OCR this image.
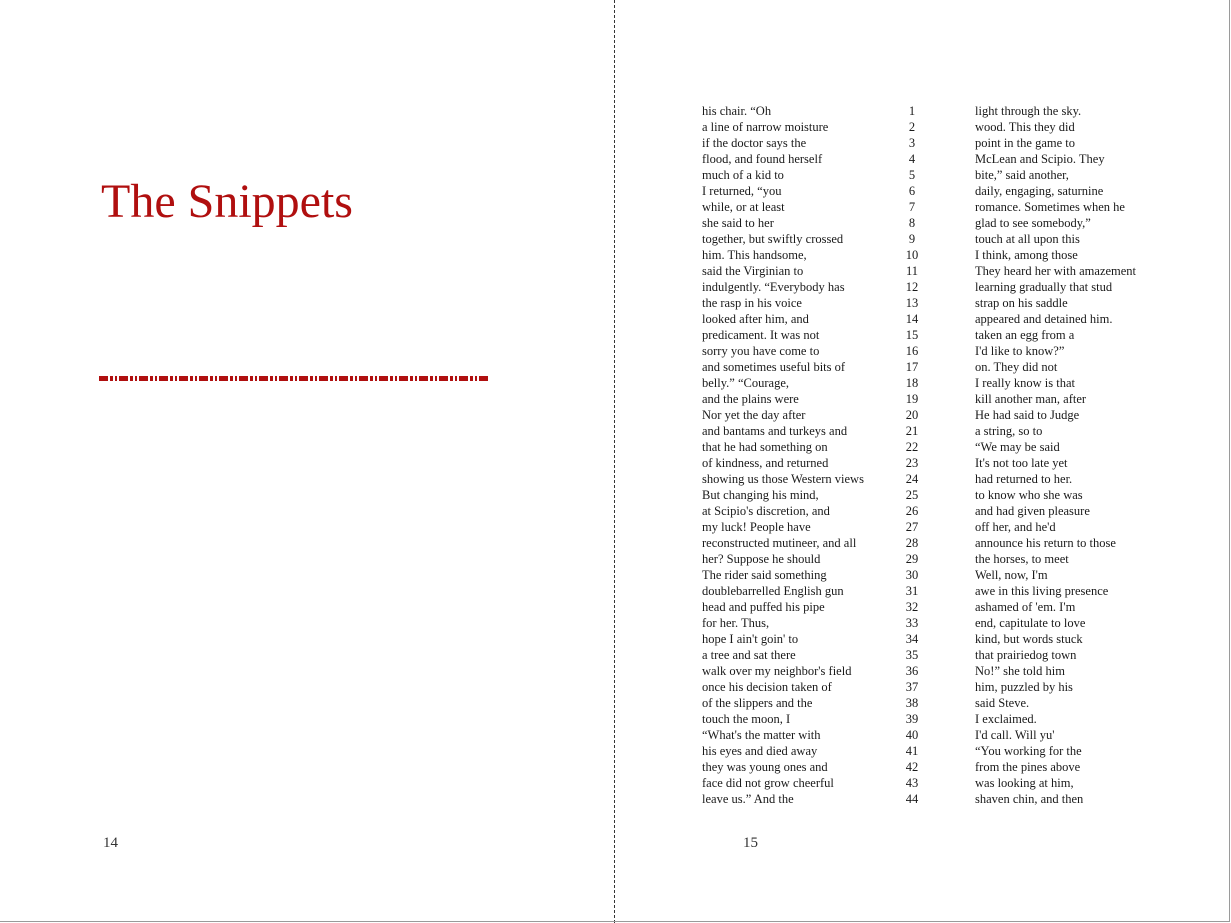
The Snippets
14
his chair. “Oh	1	light through the sky.
a line of narrow moisture	2	wood. This they did
if the doctor says the	3	point in the game to
flood, and found herself	4	McLean and Scipio. They
much of a kid to	5	bite,” said another,
I returned, “you	6	daily, engaging, saturnine
while, or at least	7	romance. Sometimes when he
she said to her	8	glad to see somebody,”
together, but swiftly crossed	9	touch at all upon this
him. This handsome,	10	I think, among those
said the Virginian to	11	They heard her with amazement
indulgently. “Everybody has	12	learning gradually that stud
the rasp in his voice	13	strap on his saddle
looked after him, and	14	appeared and detained him.
predicament. It was not	15	taken an egg from a
sorry you have come to	16	I'd like to know?”
and sometimes useful bits of	17	on. They did not
belly.” “Courage,	18	I really know is that
and the plains were	19	kill another man, after
Nor yet the day after	20	He had said to Judge
and bantams and turkeys and	21	a string, so to
that he had something on	22	“We may be said
of kindness, and returned	23	It's not too late yet
showing us those Western views	24	had returned to her.
But changing his mind,	25	to know who she was
at Scipio's discretion, and	26	and had given pleasure
my luck! People have	27	off her, and he'd
reconstructed mutineer, and all	28	announce his return to those
her? Suppose he should	29	the horses, to meet
The rider said something	30	Well, now, I'm
doublebarrelled English gun	31	awe in this living presence
head and puffed his pipe	32	ashamed of 'em. I'm
for her. Thus,	33	end, capitulate to love
hope I ain't goin' to	34	kind, but words stuck
a tree and sat there	35	that prairiedog town
walk over my neighbor's field	36	No!” she told him
once his decision taken of	37	him, puzzled by his
of the slippers and the	38	said Steve.
touch the moon, I	39	I exclaimed.
“What's the matter with	40	I'd call. Will yu'
his eyes and died away	41	“You working for the
they was young ones and	42	from the pines above
face did not grow cheerful	43	was looking at him,
leave us.” And the	44	shaven chin, and then
15
